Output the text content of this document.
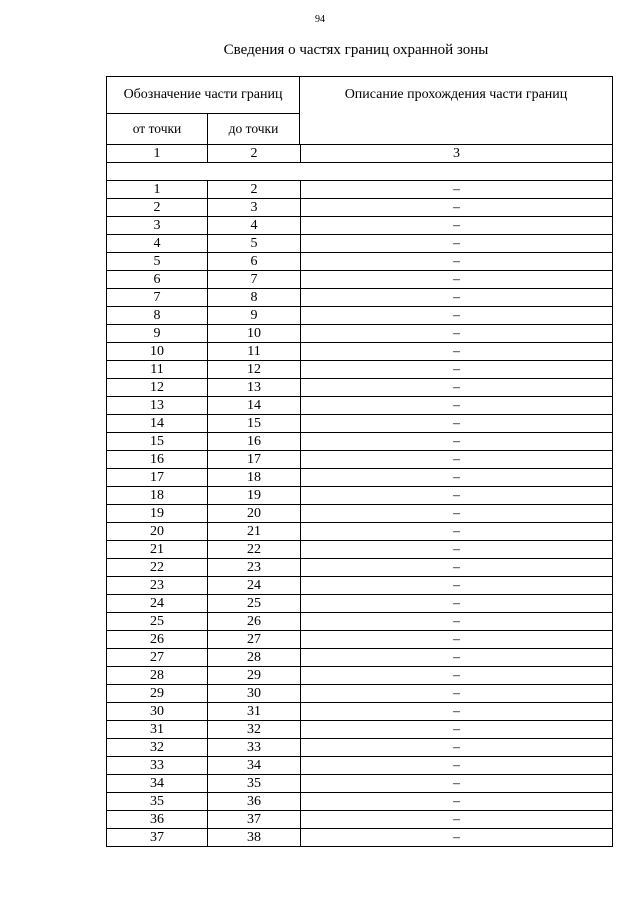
94
Сведения о частях границ охранной зоны
Обозначение части границ
от точки	до точки
Описание прохождения части границ
1	2	3
1	2	–
2	3	–
3	4	–
4	5	–
5	6	–
6	7	–
7	8	–
8	9	–
9	10	–
10	11	–
11	12	–
12	13	–
13	14	–
14	15	–
15	16	–
16	17	–
17	18	–
18	19	–
19	20	–
20	21	–
21	22	–
22	23	–
23	24	–
24	25	–
25	26	–
26	27	–
27	28	–
28	29	–
29	30	–
30	31	–
31	32	–
32	33	–
33	34	–
34	35	–
35	36	–
36	37	–
37	38	–
